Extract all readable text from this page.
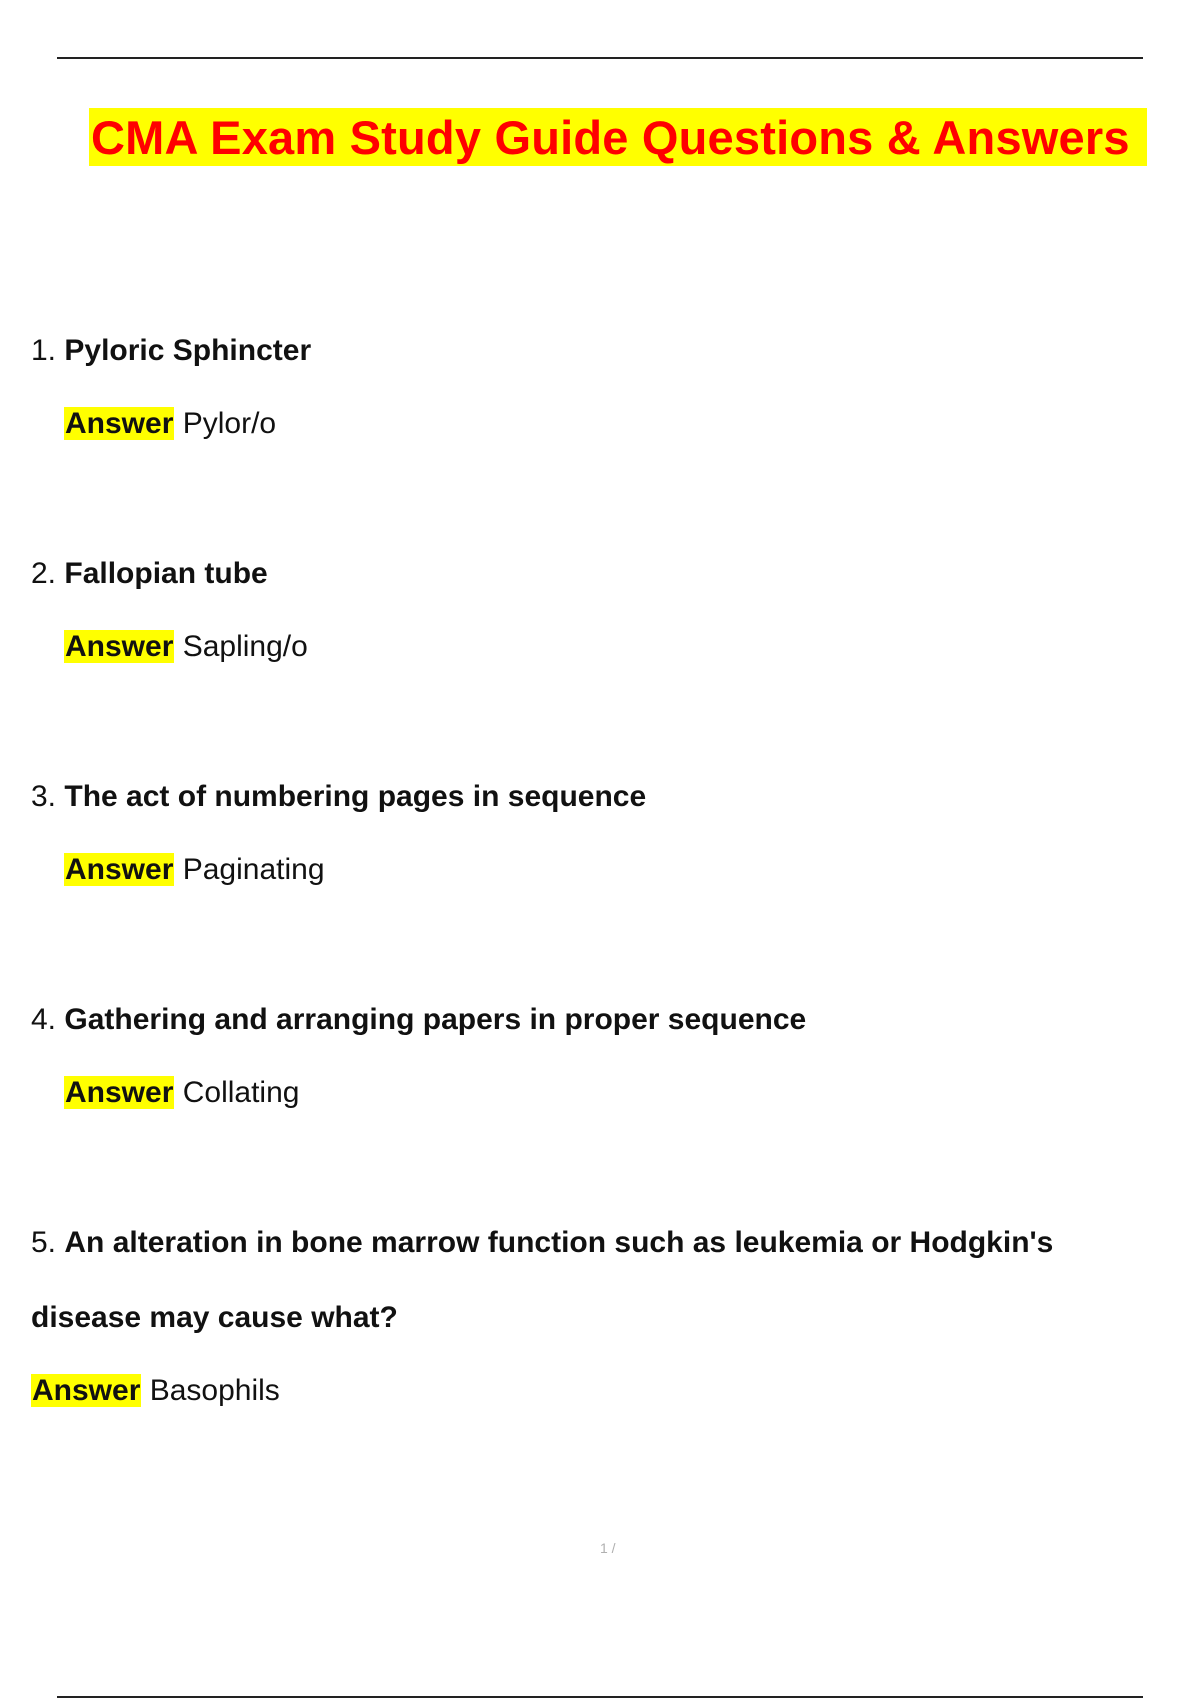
CMA Exam Study Guide Questions & Answers
1. Pyloric Sphincter
Answer Pylor/o
2. Fallopian tube
Answer Sapling/o
3. The act of numbering pages in sequence
Answer Paginating
4. Gathering and arranging papers in proper sequence
Answer Collating
5. An alteration in bone marrow function such as leukemia or Hodgkin's
disease may cause what?
Answer Basophils
1 /
